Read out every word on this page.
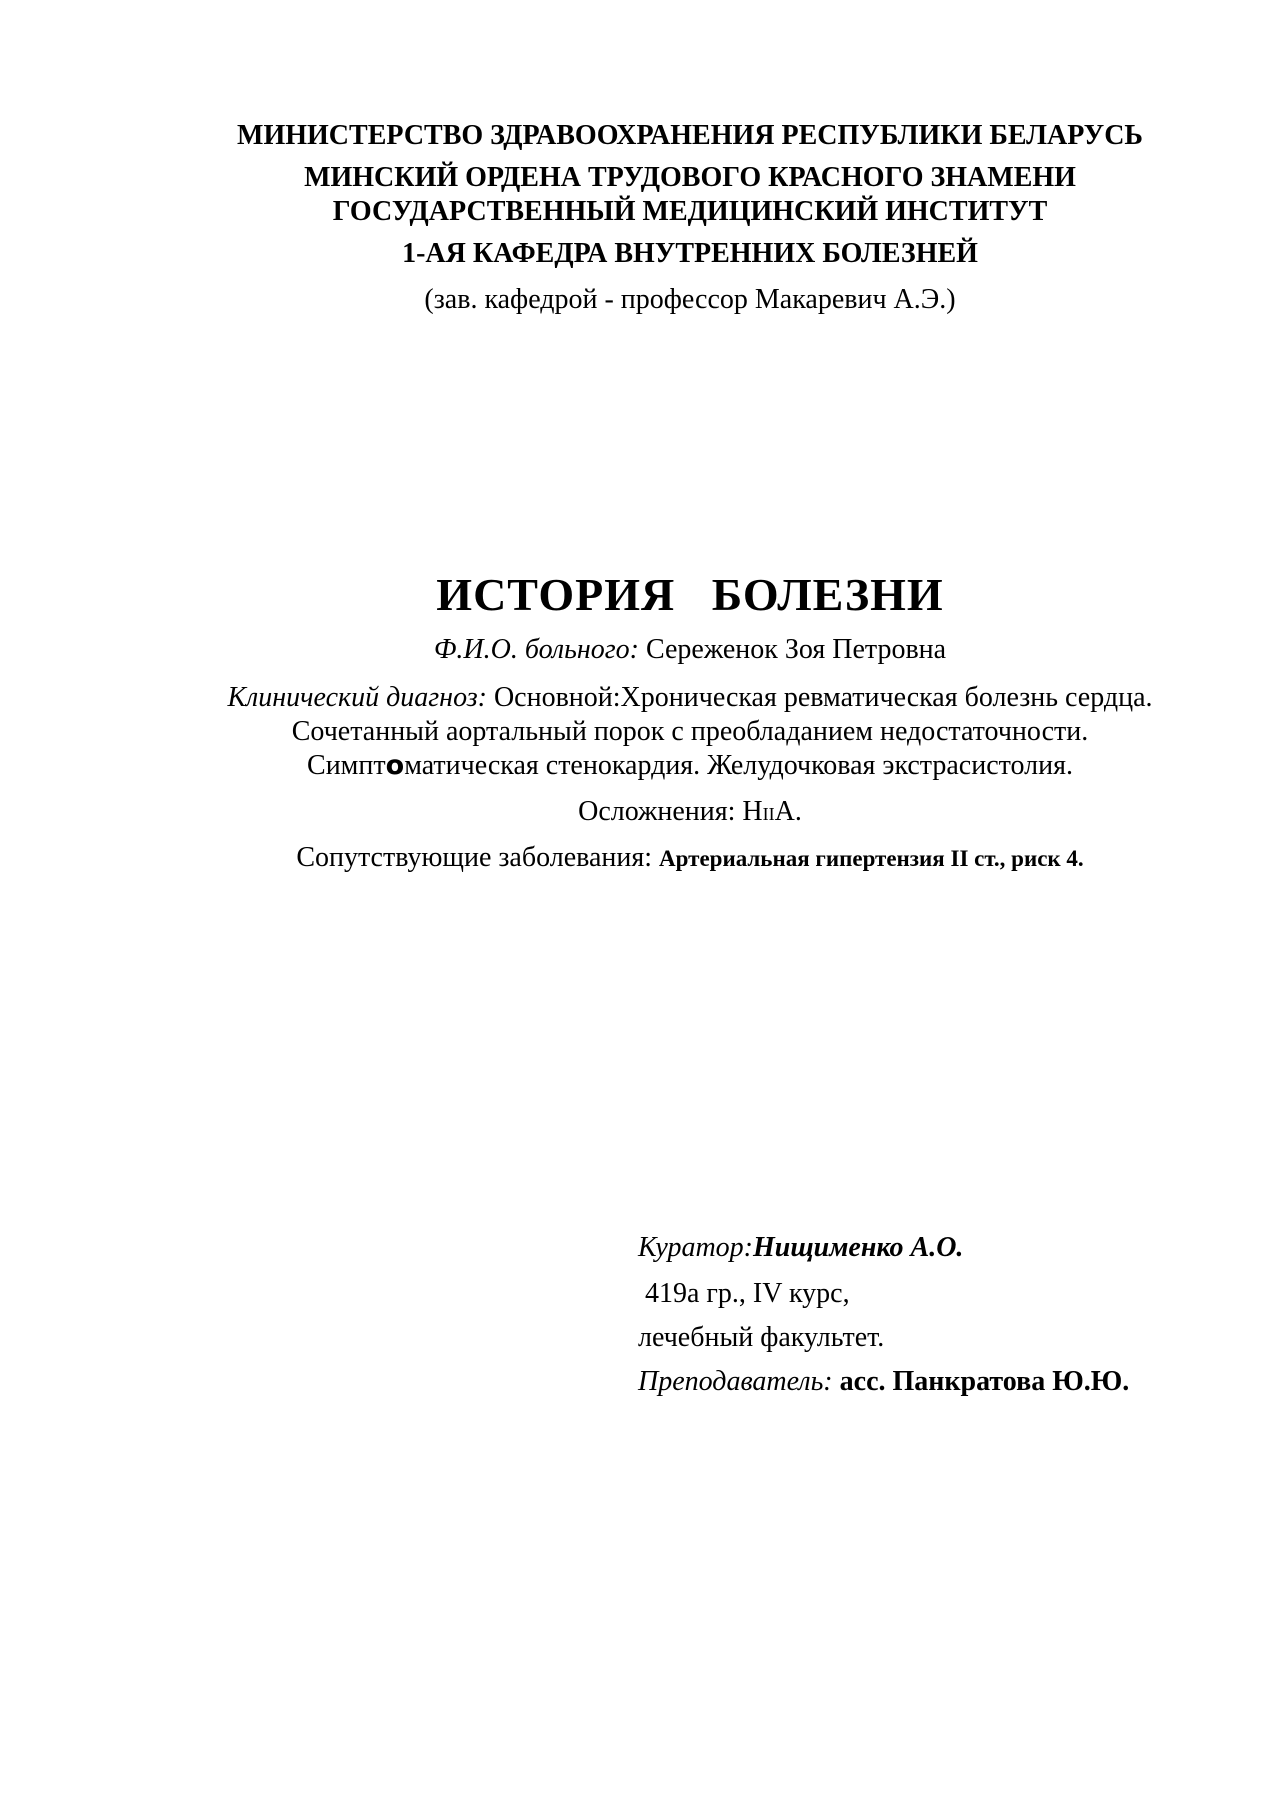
МИНИСТЕРСТВО ЗДРАВООХРАНЕНИЯ РЕСПУБЛИКИ БЕЛАРУСЬ
МИНСКИЙ ОРДЕНА ТРУДОВОГО КРАСНОГО ЗНАМЕНИ
ГОСУДАРСТВЕННЫЙ МЕДИЦИНСКИЙ ИНСТИТУТ
1-АЯ КАФЕДРА ВНУТРЕННИХ БОЛЕЗНЕЙ
(зав. кафедрой - профессор Макаревич А.Э.)
ИСТОРИЯ БОЛЕЗНИ
Ф.И.О. больного: Сереженок Зоя Петровна
Клинический диагноз: Основной:Хроническая ревматическая болезнь сердца.
Сочетанный аортальный порок с преобладанием недостаточности.
Симптоматическая стенокардия. Желудочковая экстрасистолия.
Осложнения: НIIА.
Сопутствующие заболевания: Артериальная гипертензия II ст., риск 4.
Куратор:Нищименко А.О.
419а гр., IV курс,
лечебный факультет.
Преподаватель: асс. Панкратова Ю.Ю.
